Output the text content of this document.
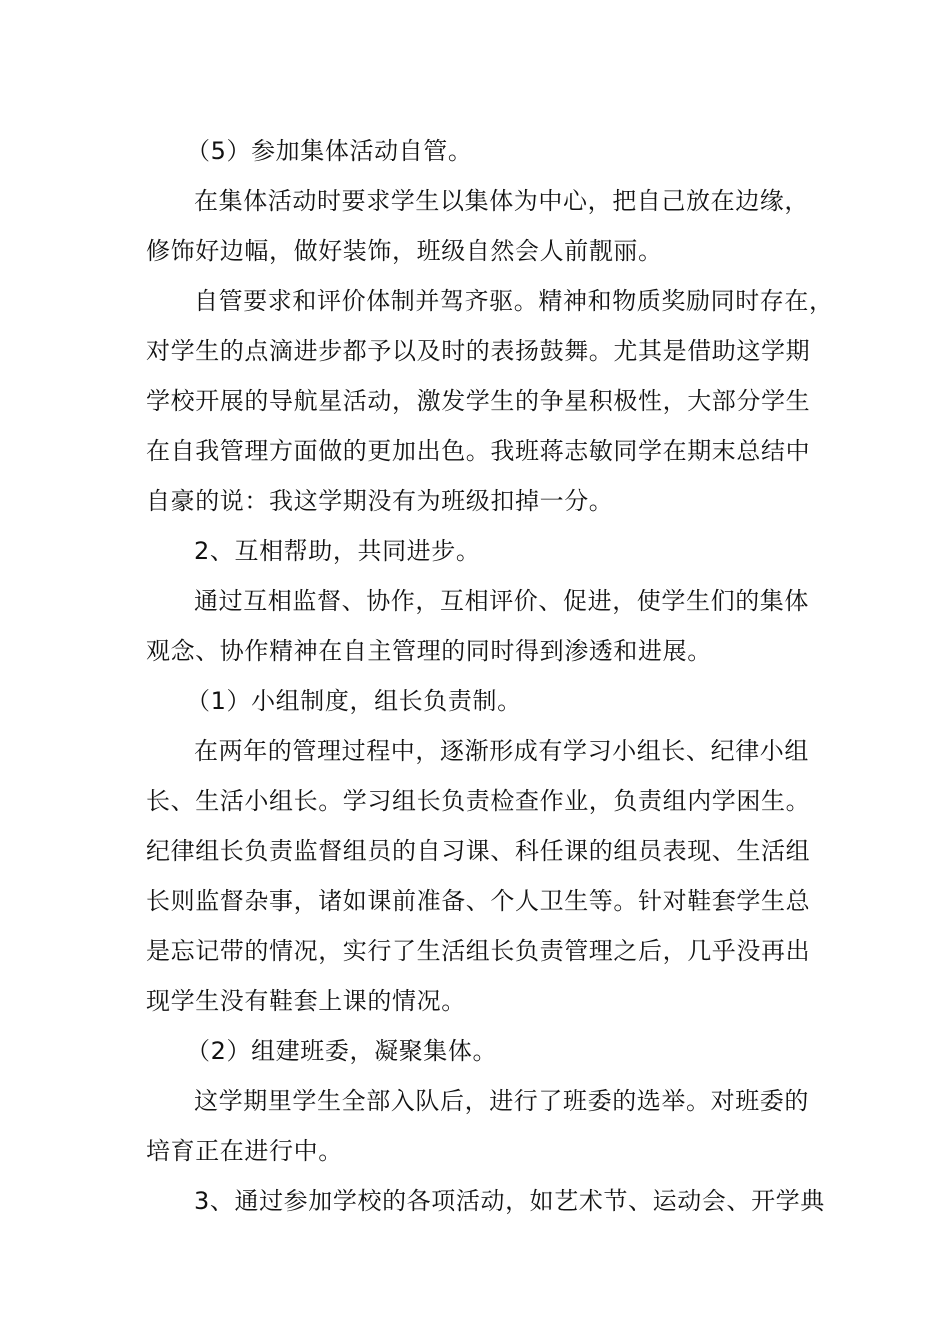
（5）参加集体活动自管。
在集体活动时要求学生以集体为中心，把自己放在边缘，
修饰好边幅，做好装饰，班级自然会人前靓丽。
自管要求和评价体制并驾齐驱。精神和物质奖励同时存在，
对学生的点滴进步都予以及时的表扬鼓舞。尤其是借助这学期
学校开展的导航星活动，激发学生的争星积极性，大部分学生
在自我管理方面做的更加出色。我班蒋志敏同学在期末总结中
自豪的说：我这学期没有为班级扣掉一分。
2、互相帮助，共同进步。
通过互相监督、协作，互相评价、促进，使学生们的集体
观念、协作精神在自主管理的同时得到渗透和进展。
（1）小组制度，组长负责制。
在两年的管理过程中，逐渐形成有学习小组长、纪律小组
长、生活小组长。学习组长负责检查作业，负责组内学困生。
纪律组长负责监督组员的自习课、科任课的组员表现、生活组
长则监督杂事，诸如课前准备、个人卫生等。针对鞋套学生总
是忘记带的情况，实行了生活组长负责管理之后，几乎没再出
现学生没有鞋套上课的情况。
（2）组建班委，凝聚集体。
这学期里学生全部入队后，进行了班委的选举。对班委的
培育正在进行中。
3、通过参加学校的各项活动，如艺术节、运动会、开学典
